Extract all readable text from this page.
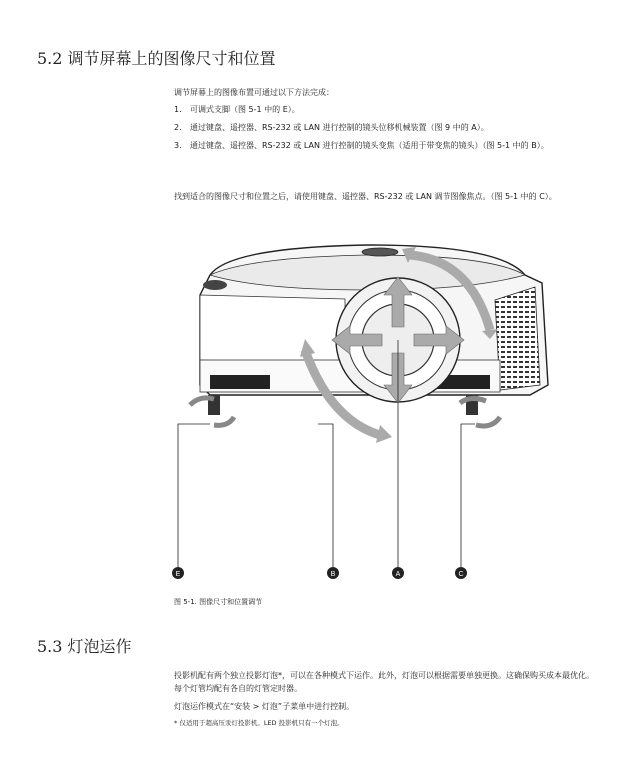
5.2 调节屏幕上的图像尺寸和位置

调节屏幕上的图像布置可通过以下方法完成：

1. 可调式支脚（图 5-1 中的 E）。
2. 通过键盘、遥控器、RS-232 或 LAN 进行控制的镜头位移机械装置（图 9 中的 A）。
3. 通过键盘、遥控器、RS-232 或 LAN 进行控制的镜头变焦（适用于带变焦的镜头）（图 5-1 中的 B）。

找到适合的图像尺寸和位置之后，请使用键盘、遥控器、RS-232 或 LAN 调节图像焦点。（图 5-1 中的 C）。

E	B	A	C
图 5-1. 图像尺寸和位置调节
5.3 灯泡运作

投影机配有两个独立投影灯泡*，可以在各种模式下运作。此外，灯泡可以根据需要单独更换。这确保购买成本最优化。每个灯管均配有各自的灯管定时器。

灯泡运作模式在“安装 > 灯泡”子菜单中进行控制。

* 仅适用于超高压汞灯投影机。LED 投影机只有一个灯泡。
